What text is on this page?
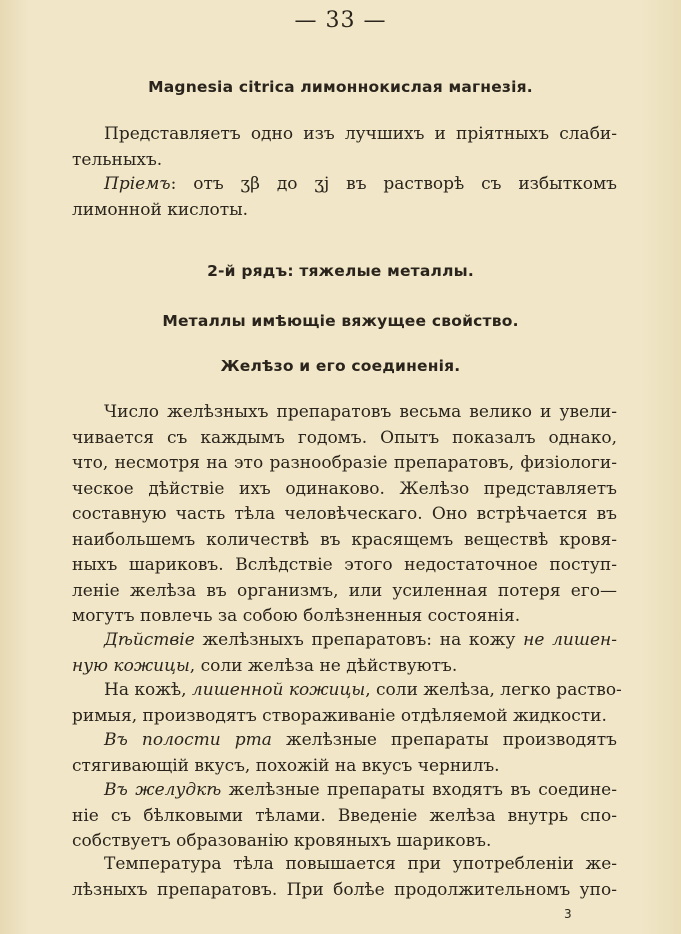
— 33 —
Magnesia citrica лимоннокислая магнезія.

Представляетъ одно изъ лучшихъ и пріятныхъ слаби-
тельныхъ.

Пріемъ: отъ ʒβ до ʒj въ растворѣ съ избыткомъ
лимонной кислоты.

2-й рядъ: тяжелые металлы.
Металлы имѣющіе вяжущее свойство.
Желѣзо и его соединенія.

Число желѣзныхъ препаратовъ весьма велико и увели-
чивается съ каждымъ годомъ. Опытъ показалъ однако,
что, несмотря на это разнообразіе препаратовъ, физіологи-
ческое дѣйствіе ихъ одинаково. Желѣзо представляетъ
составную часть тѣла человѣческаго. Оно встрѣчается въ
наибольшемъ количествѣ въ красящемъ веществѣ кровя-
ныхъ шариковъ. Вслѣдствіе этого недостаточное поступ-
леніе желѣза въ организмъ, или усиленная потеря его—
могутъ повлечь за собою болѣзненныя состоянія.

Дѣйствіе желѣзныхъ препаратовъ: на кожу не лишен-
ную кожицы, соли желѣза не дѣйствуютъ.

На кожѣ, лишенной кожицы, соли желѣза, легко раство-
римыя, производятъ створаживаніе отдѣляемой жидкости.

Въ полости рта желѣзные препараты производятъ
стягивающій вкусъ, похожій на вкусъ чернилъ.

Въ желудкѣ желѣзные препараты входятъ въ соедине-
ніе съ бѣлковыми тѣлами. Введеніе желѣза внутрь спо-
собствуетъ образованію кровяныхъ шариковъ.

Температура тѣла повышается при употребленіи же-
лѣзныхъ препаратовъ. При болѣе продолжительномъ упо-

3
